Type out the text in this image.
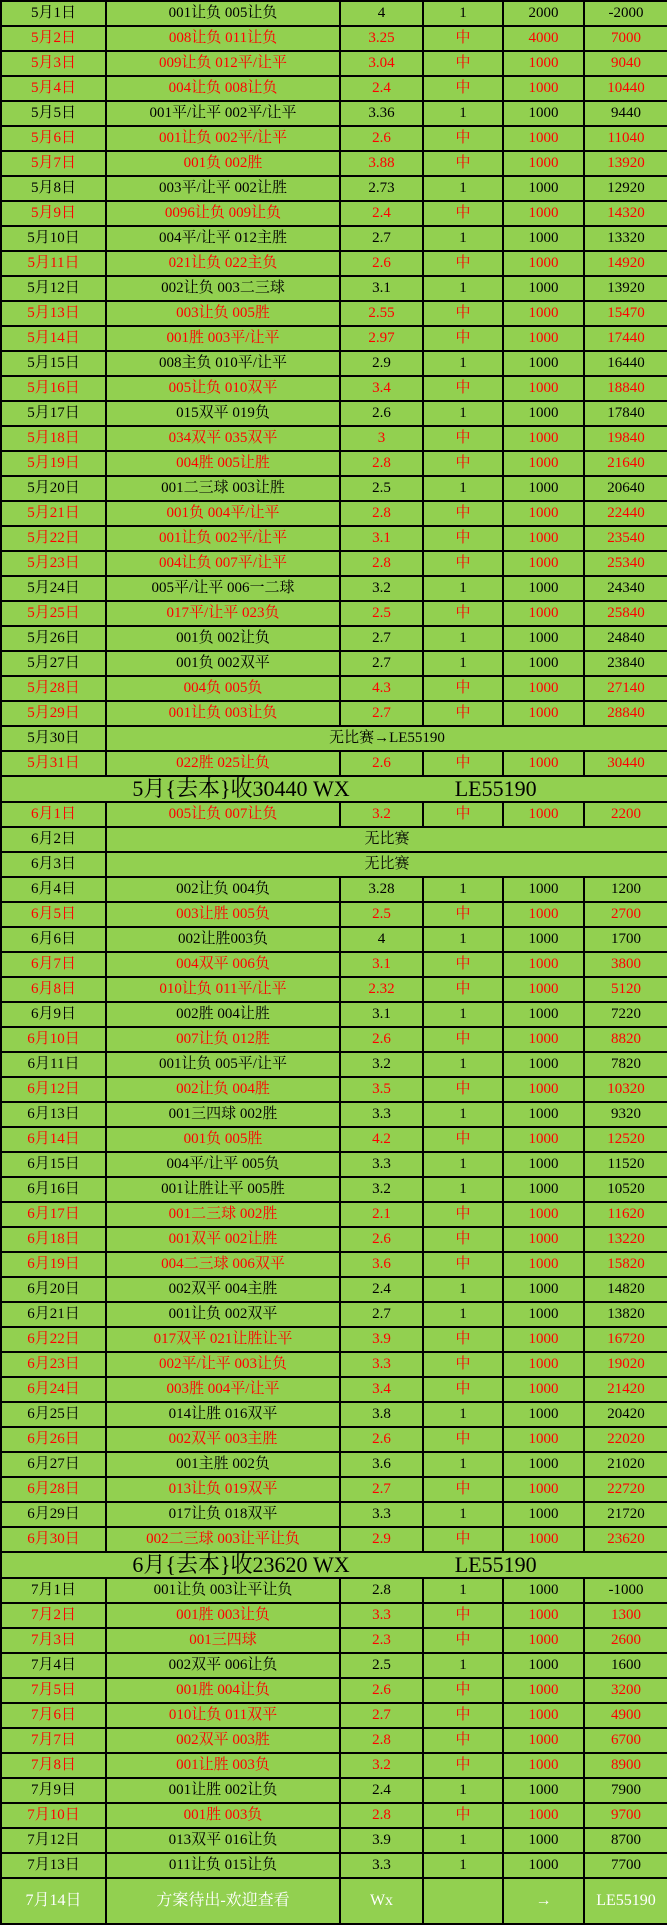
5月1日	001让负 005让负	4	1	2000	-2000
5月2日	008让负 011让负	3.25	中	4000	7000
5月3日	009让负 012平/让平	3.04	中	1000	9040
5月4日	004让负 008让负	2.4	中	1000	10440
5月5日	001平/让平 002平/让平	3.36	1	1000	9440
5月6日	001让负 002平/让平	2.6	中	1000	11040
5月7日	001负 002胜	3.88	中	1000	13920
5月8日	003平/让平 002让胜	2.73	1	1000	12920
5月9日	0096让负 009让负	2.4	中	1000	14320
5月10日	004平/让平 012主胜	2.7	1	1000	13320
5月11日	021让负 022主负	2.6	中	1000	14920
5月12日	002让负 003二三球	3.1	1	1000	13920
5月13日	003让负 005胜	2.55	中	1000	15470
5月14日	001胜 003平/让平	2.97	中	1000	17440
5月15日	008主负 010平/让平	2.9	1	1000	16440
5月16日	005让负 010双平	3.4	中	1000	18840
5月17日	015双平 019负	2.6	1	1000	17840
5月18日	034双平 035双平	3	中	1000	19840
5月19日	004胜 005让胜	2.8	中	1000	21640
5月20日	001二三球 003让胜	2.5	1	1000	20640
5月21日	001负 004平/让平	2.8	中	1000	22440
5月22日	001让负 002平/让平	3.1	中	1000	23540
5月23日	004让负 007平/让平	2.8	中	1000	25340
5月24日	005平/让平 006一二球	3.2	1	1000	24340
5月25日	017平/让平 023负	2.5	中	1000	25840
5月26日	001负 002让负	2.7	1	1000	24840
5月27日	001负 002双平	2.7	1	1000	23840
5月28日	004负 005负	4.3	中	1000	27140
5月29日	001让负 003让负	2.7	中	1000	28840
5月30日	无比赛→LE55190				
5月31日	022胜 025让负	2.6	中	1000	30440

5月{去本}收30440 WX LE55190					

6月1日	005让负 007让负	3.2	中	1000	2200
6月2日	无比赛				
6月3日	无比赛				
6月4日	002让负 004负	3.28	1	1000	1200
6月5日	003让胜 005负	2.5	中	1000	2700
6月6日	002让胜003负	4	1	1000	1700
6月7日	004双平 006负	3.1	中	1000	3800
6月8日	010让负 011平/让平	2.32	中	1000	5120
6月9日	002胜 004让胜	3.1	1	1000	7220
6月10日	007让负 012胜	2.6	中	1000	8820
6月11日	001让负 005平/让平	3.2	1	1000	7820
6月12日	002让负 004胜	3.5	中	1000	10320
6月13日	001三四球 002胜	3.3	1	1000	9320
6月14日	001负 005胜	4.2	中	1000	12520
6月15日	004平/让平 005负	3.3	1	1000	11520
6月16日	001让胜让平 005胜	3.2	1	1000	10520
6月17日	001二三球 002胜	2.1	中	1000	11620
6月18日	001双平 002让胜	2.6	中	1000	13220
6月19日	004二三球 006双平	3.6	中	1000	15820
6月20日	002双平 004主胜	2.4	1	1000	14820
6月21日	001让负 002双平	2.7	1	1000	13820
6月22日	017双平 021让胜让平	3.9	中	1000	16720
6月23日	002平/让平 003让负	3.3	中	1000	19020
6月24日	003胜 004平/让平	3.4	中	1000	21420
6月25日	014让胜 016双平	3.8	1	1000	20420
6月26日	002双平 003主胜	2.6	中	1000	22020
6月27日	001主胜 002负	3.6	1	1000	21020
6月28日	013让负 019双平	2.7	中	1000	22720
6月29日	017让负 018双平	3.3	1	1000	21720
6月30日	002二三球 003让平让负	2.9	中	1000	23620

6月{去本}收23620 WX LE55190					

7月1日	001让负 003让平让负	2.8	1	1000	-1000
7月2日	001胜 003让负	3.3	中	1000	1300
7月3日	001三四球	2.3	中	1000	2600
7月4日	002双平 006让负	2.5	1	1000	1600
7月5日	001胜 004让负	2.6	中	1000	3200
7月6日	010让负 011双平	2.7	中	1000	4900
7月7日	002双平 003胜	2.8	中	1000	6700
7月8日	001让胜 003负	3.2	中	1000	8900
7月9日	001让胜 002让负	2.4	1	1000	7900
7月10日	001胜 003负	2.8	中	1000	9700
7月12日	013双平 016让负	3.9	1	1000	8700
7月13日	011让负 015让负	3.3	1	1000	7700
7月14日	方案待出-欢迎查看	Wx		→	LE55190
